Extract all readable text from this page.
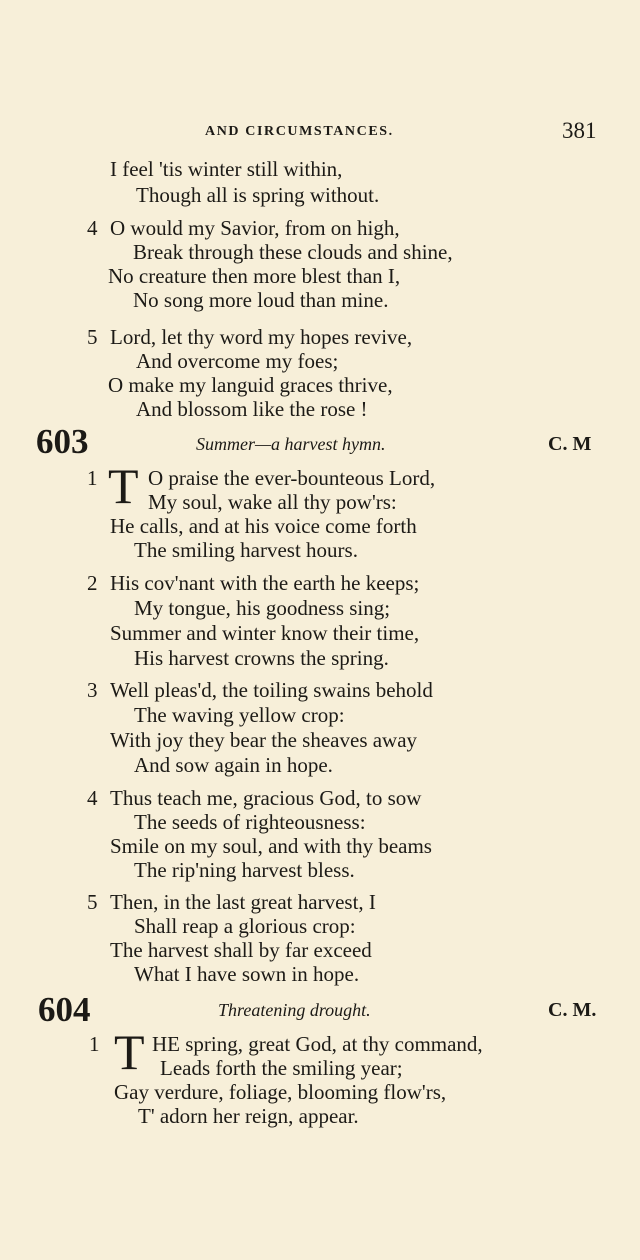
AND CIRCUMSTANCES.	381
I feel 'tis winter still within,
Though all is spring without.
4 O would my Savior, from on high,
Break through these clouds and shine,
No creature then more blest than I,
No song more loud than mine.
5 Lord, let thy word my hopes revive,
And overcome my foes;
O make my languid graces thrive,
And blossom like the rose !
603	Summer—a harvest hymn.	C. M
1 T O praise the ever-bounteous Lord,
My soul, wake all thy pow'rs:
He calls, and at his voice come forth
The smiling harvest hours.
2 His cov'nant with the earth he keeps;
My tongue, his goodness sing;
Summer and winter know their time,
His harvest crowns the spring.
3 Well pleas'd, the toiling swains behold
The waving yellow crop:
With joy they bear the sheaves away
And sow again in hope.
4 Thus teach me, gracious God, to sow
The seeds of righteousness:
Smile on my soul, and with thy beams
The rip'ning harvest bless.
5 Then, in the last great harvest, I
Shall reap a glorious crop:
The harvest shall by far exceed
What I have sown in hope.
604	Threatening drought.	C. M.
1 T HE spring, great God, at thy command,
Leads forth the smiling year;
Gay verdure, foliage, blooming flow'rs,
T' adorn her reign, appear.
